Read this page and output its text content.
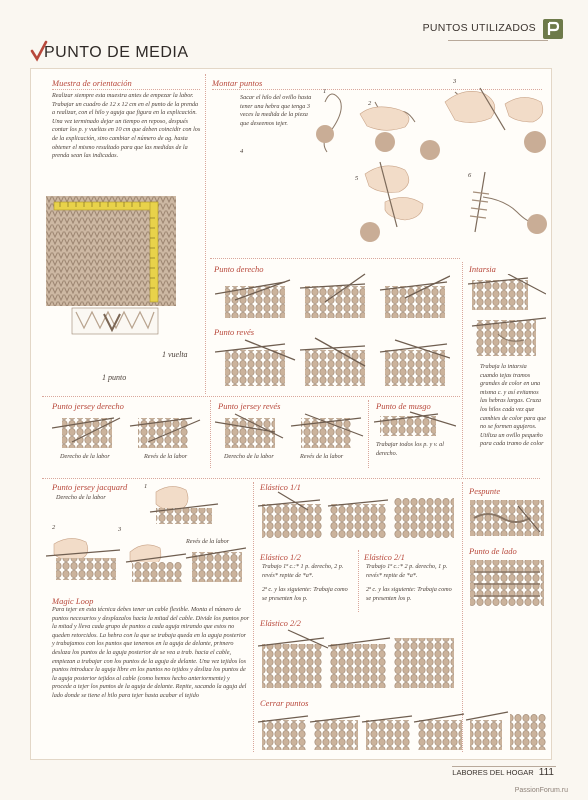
PUNTOS UTILIZADOS
PUNTO DE MEDIA
Muestra de orientación
Realizar siempre esta muestra antes de empezar la labor. Trabajar un cuadro de 12 x 12 cm en el punto de la prenda a realizar, con el hilo y aguja que figura en la explicación. Una vez terminado dejar un tiempo en reposo, después contar los p. y vueltas en 10 cm que deben coincidir con los de la explicación, sino cambiar el número de ag. hasta obtener el mismo resultado para que las medidas de la prenda sean las indicadas.
1 vuelta
1 punto
Montar puntos
Sacar el hilo del ovillo hasta tener una hebra que tenga 3 veces la medida de la pieza que deseemos tejer.
1
2
3
4
5	6
Punto derecho
Punto revés
Intarsia
Trabaja la intarsia cuando tejas tramos grandes de color en una misma c. y así evitamos las hebras largas. Cruza los hilos cada vez que cambies de color para que no se formen agujeros. Utiliza un ovillo pequeño para cada tramo de color
Punto jersey derecho
Derecho de la labor	Revés de la labor
Punto jersey revés
Derecho de la labor	Revés de la labor
Punto de musgo
Trabajar todos los p. y v. al derecho.
Punto jersey jacquard
Derecho de la labor
1
2	3
Revés de la labor
Magic Loop
Para tejer en esta técnica debes tener un cable flexible. Monta el número de puntos necesarios y desplazalos hacia la mitad del cable. Divide los puntos por la mitad y lleva cada grupo de puntos a cada aguja mirando que estos no queden retorcidos. La hebra con la que se trabaja queda en la aguja posterior y trabajamos con los puntos que tenemos en la aguja de delante, primero deslaza los puntos de la aguja posterior de se vea a trab. hacia el cable, empiezan a trabajar con los puntos de la aguja de delante. Una vez tejidos los puntos introduce la aguja libre en los puntos no tejidos y desliza los puntos de la aguja posterior tejidos al cable (como hemos hecho anteriormente) y procede a tejer los puntos de la aguja de delante. Repite, sacando la aguja del lado donde se tiene el hilo para tejer hasta acabar el tejido
Elástico 1/1
Elástico 1/2
Trabajo 1ª c.:* 1 p. derecho, 2 p. revés* repite de *a*.
2ª c. y las siguiente: Trabaja como se presenten los p.
Elástico 2/1
Trabajo 1ª c.:* 2 p. derecho, 1 p. revés* repite de *a*.
2ª c. y las siguiente: Trabaja como se presenten los p.
Elástico 2/2
Cerrar puntos
Pespunte
Punto de lado
LABORES DEL HOGAR 111
PassionForum.ru
